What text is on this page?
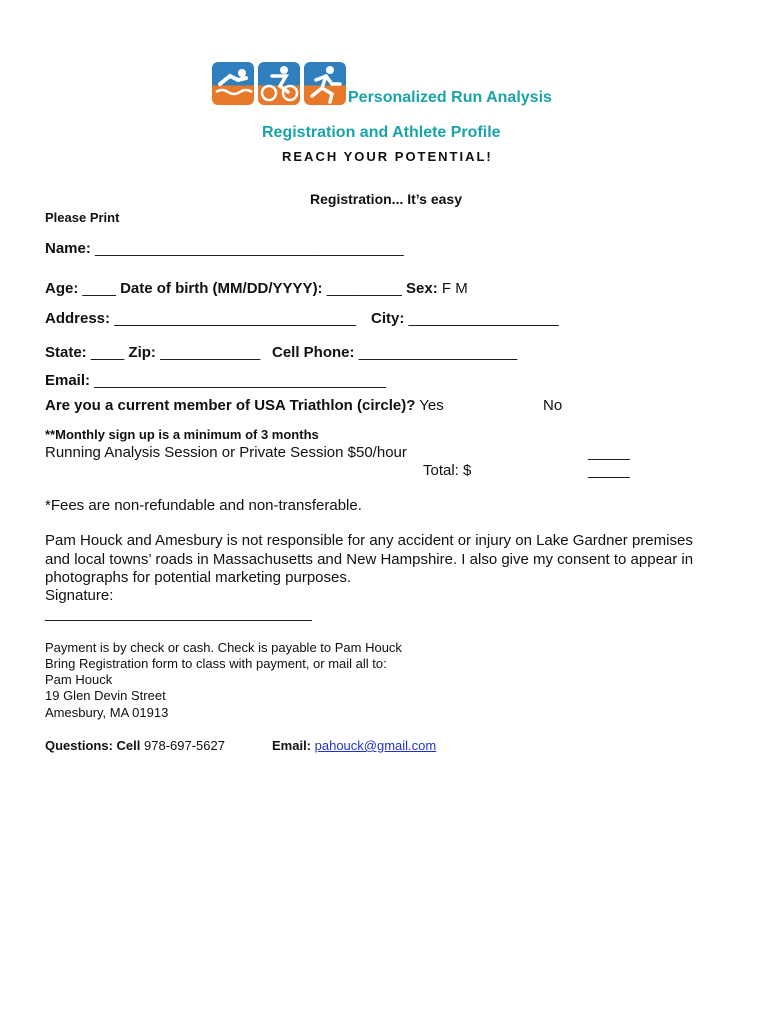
Personalized Run Analysis
Registration and Athlete Profile
REACH YOUR POTENTIAL!
Registration... It’s easy
Please Print
Name: _____________________________________
Age: ____ Date of birth (MM/DD/YYYY): _________ Sex: F M
Address: _____________________________ City: __________________
State: ____ Zip: ____________ Cell Phone: ___________________
Email: ___________________________________
Are you a current member of USA Triathlon (circle)? Yes	No
**Monthly sign up is a minimum of 3 months
Running Analysis Session or Private Session $50/hour	_____
Total: $	_____
*Fees are non-refundable and non-transferable.
Pam Houck and Amesbury is not responsible for any accident or injury on Lake Gardner premises
and local towns’ roads in Massachusetts and New Hampshire. I also give my consent to appear in
photographs for potential marketing purposes.
Signature:
________________________________
Payment is by check or cash. Check is payable to Pam Houck
Bring Registration form to class with payment, or mail all to:
Pam Houck
19 Glen Devin Street
Amesbury, MA 01913
Questions: Cell 978-697-5627	Email: pahouck@gmail.com
